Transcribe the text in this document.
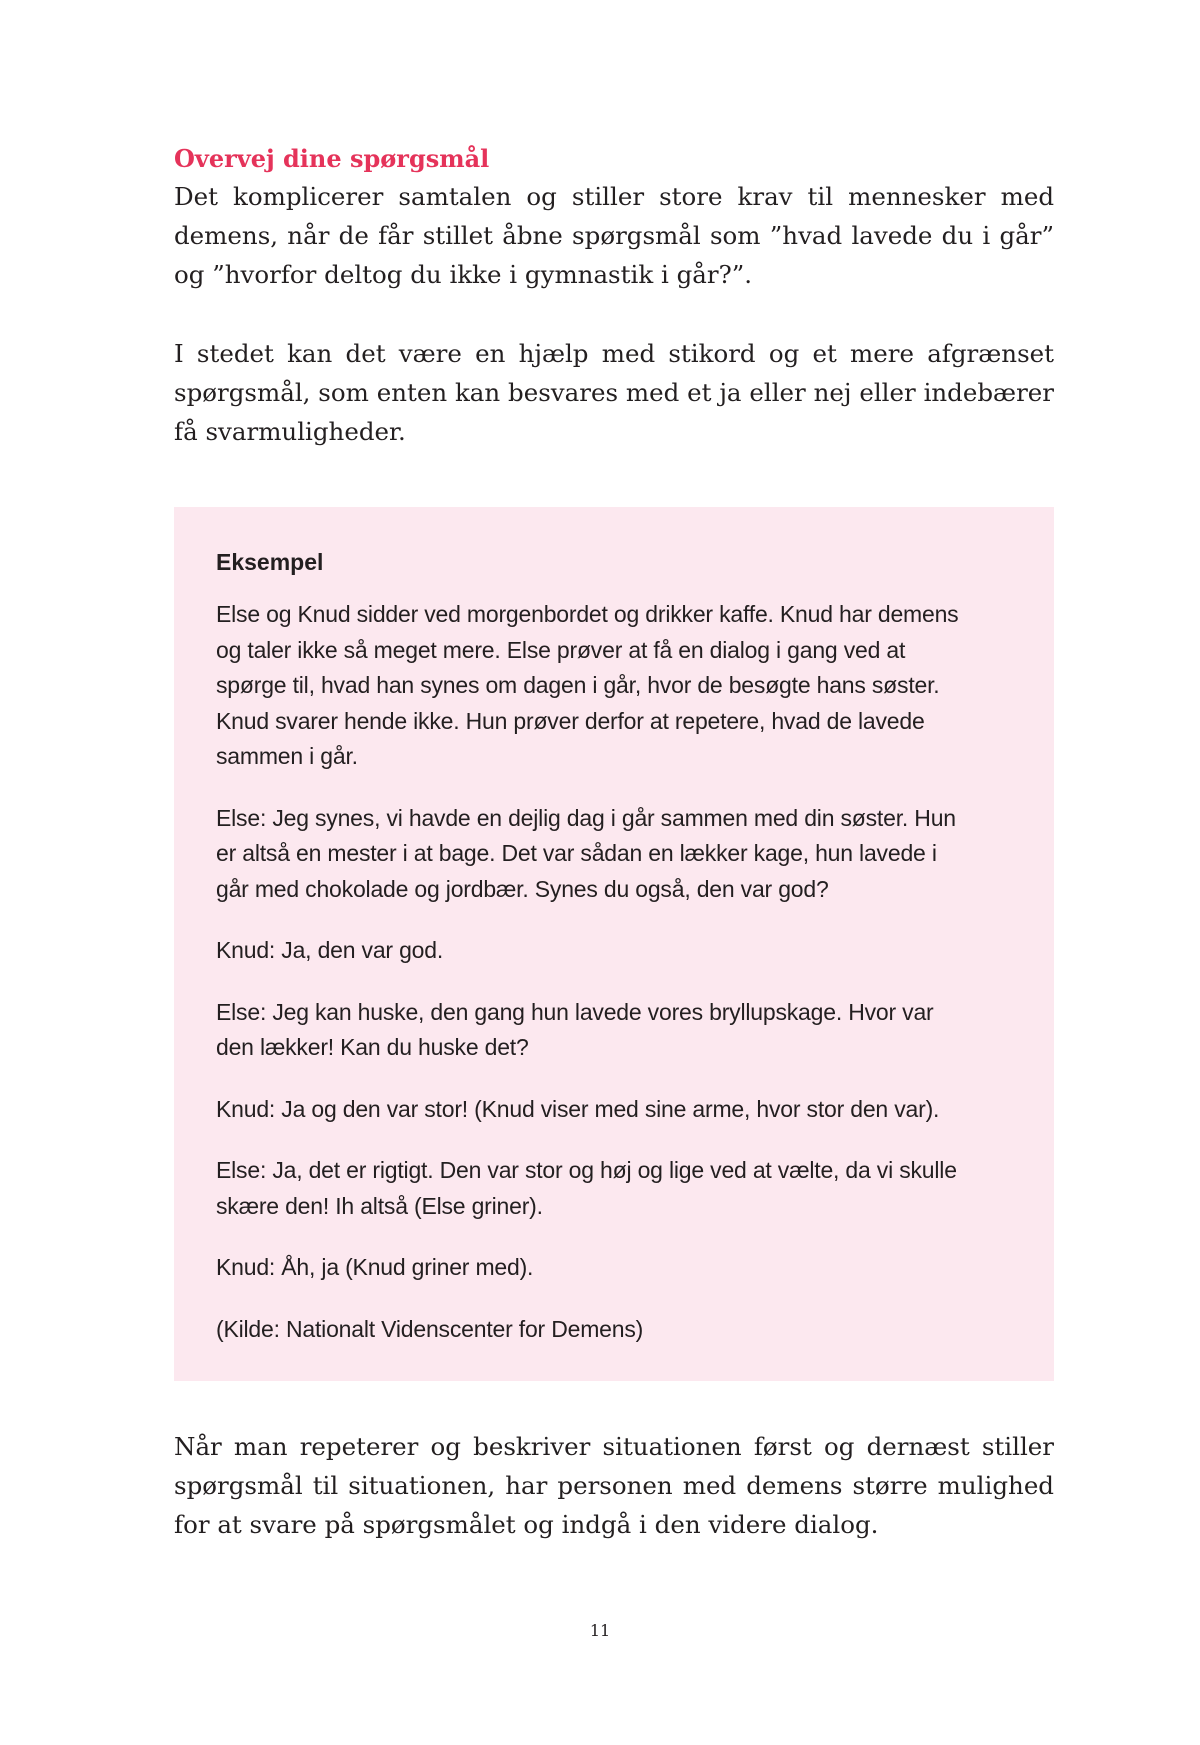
Overvej dine spørgsmål

Det komplicerer samtalen og stiller store krav til mennesker med demens, når de får stillet åbne spørgsmål som ”hvad lavede du i går” og ”hvorfor deltog du ikke i gymnastik i går?”.

I stedet kan det være en hjælp med stikord og et mere afgrænset spørgsmål, som enten kan besvares med et ja eller nej eller indebærer få svarmuligheder.

Eksempel

Else og Knud sidder ved morgenbordet og drikker kaffe. Knud har demens og taler ikke så meget mere. Else prøver at få en dialog i gang ved at spørge til, hvad han synes om dagen i går, hvor de besøgte hans søster. Knud svarer hende ikke. Hun prøver derfor at repetere, hvad de lavede sammen i går.

Else: Jeg synes, vi havde en dejlig dag i går sammen med din søster. Hun er altså en mester i at bage. Det var sådan en lækker kage, hun lavede i går med chokolade og jordbær. Synes du også, den var god?

Knud: Ja, den var god.

Else: Jeg kan huske, den gang hun lavede vores bryllupskage. Hvor var den lækker! Kan du huske det?

Knud: Ja og den var stor! (Knud viser med sine arme, hvor stor den var).

Else: Ja, det er rigtigt. Den var stor og høj og lige ved at vælte, da vi skulle skære den! Ih altså (Else griner).

Knud: Åh, ja (Knud griner med).

(Kilde: Nationalt Videnscenter for Demens)

Når man repeterer og beskriver situationen først og dernæst stiller spørgsmål til situationen, har personen med demens større mulighed for at svare på spørgsmålet og indgå i den videre dialog.

11
